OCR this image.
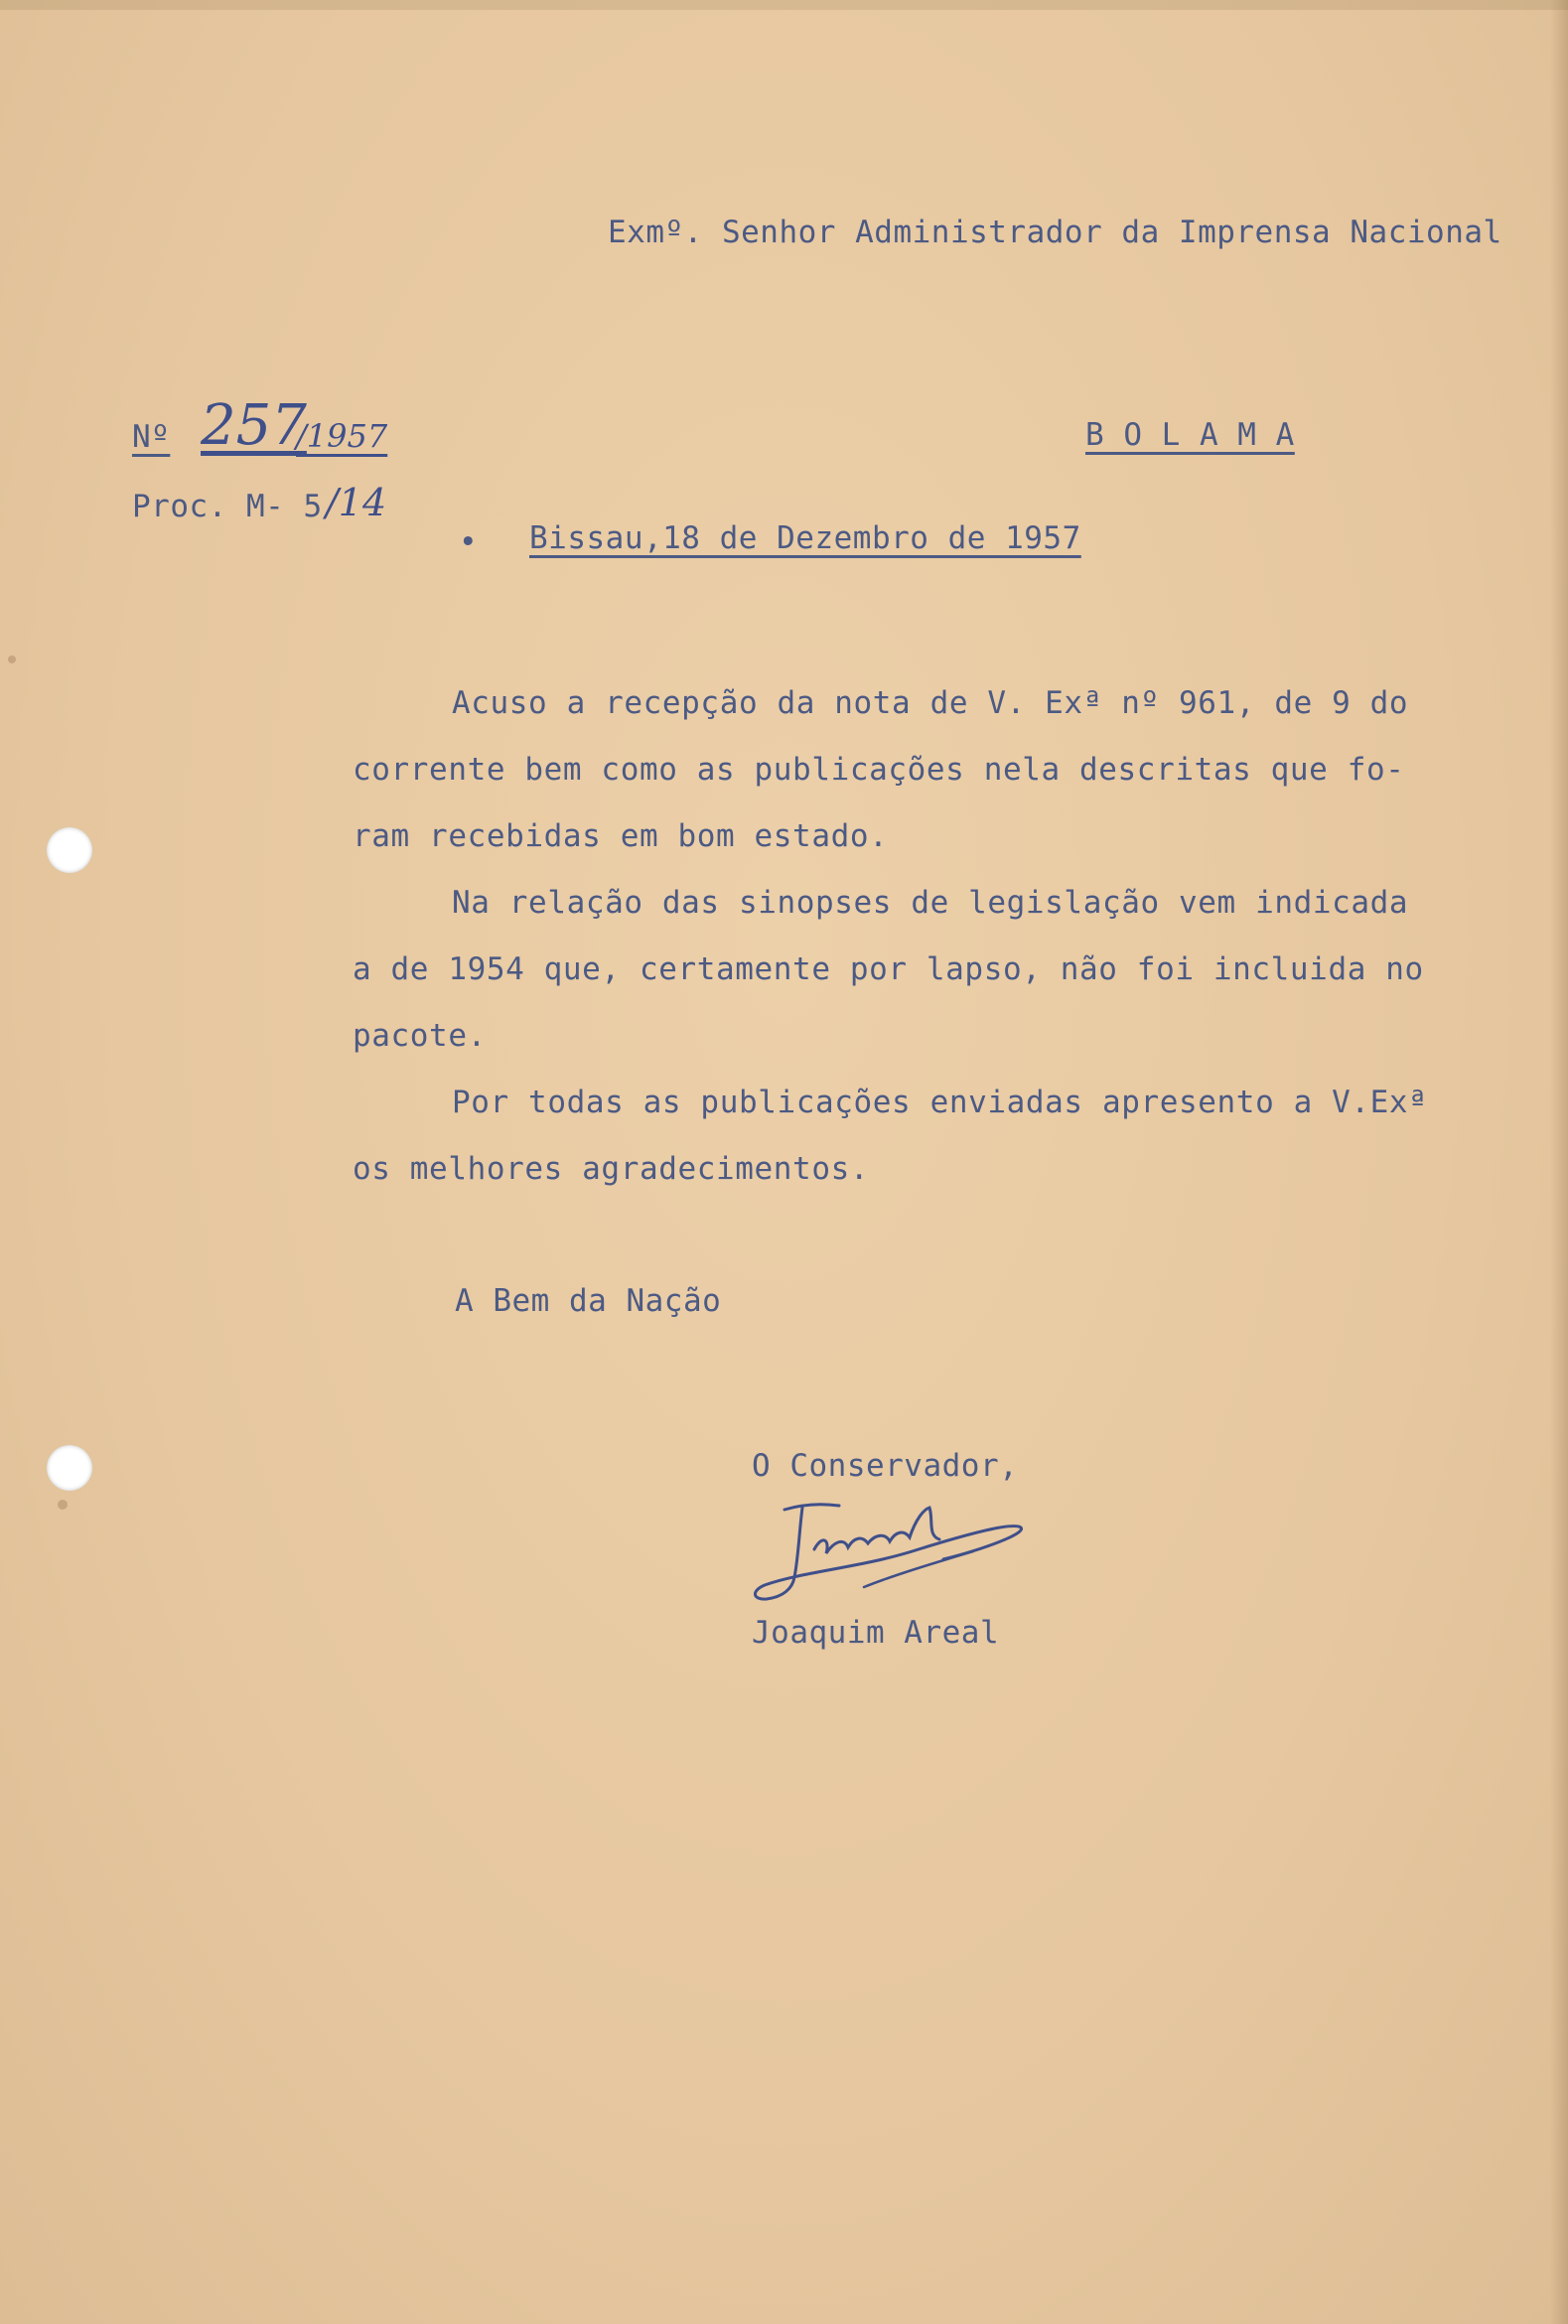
Exmº. Senhor Administrador da Imprensa Nacional
Nº 257
/1957
Proc. M- 5 /14
B O L A M A
• Bissau,18 de Dezembro de 1957
Acuso a recepção da nota de V. Exª nº 961, de 9 do
corrente bem como as publicações nela descritas que fo-
ram recebidas em bom estado.
Na relação das sinopses de legislação vem indicada
a de 1954 que, certamente por lapso, não foi incluida no
pacote.
Por todas as publicações enviadas apresento a V.Exª
os melhores agradecimentos.
A Bem da Nação
O Conservador,
Joaquim Areal
